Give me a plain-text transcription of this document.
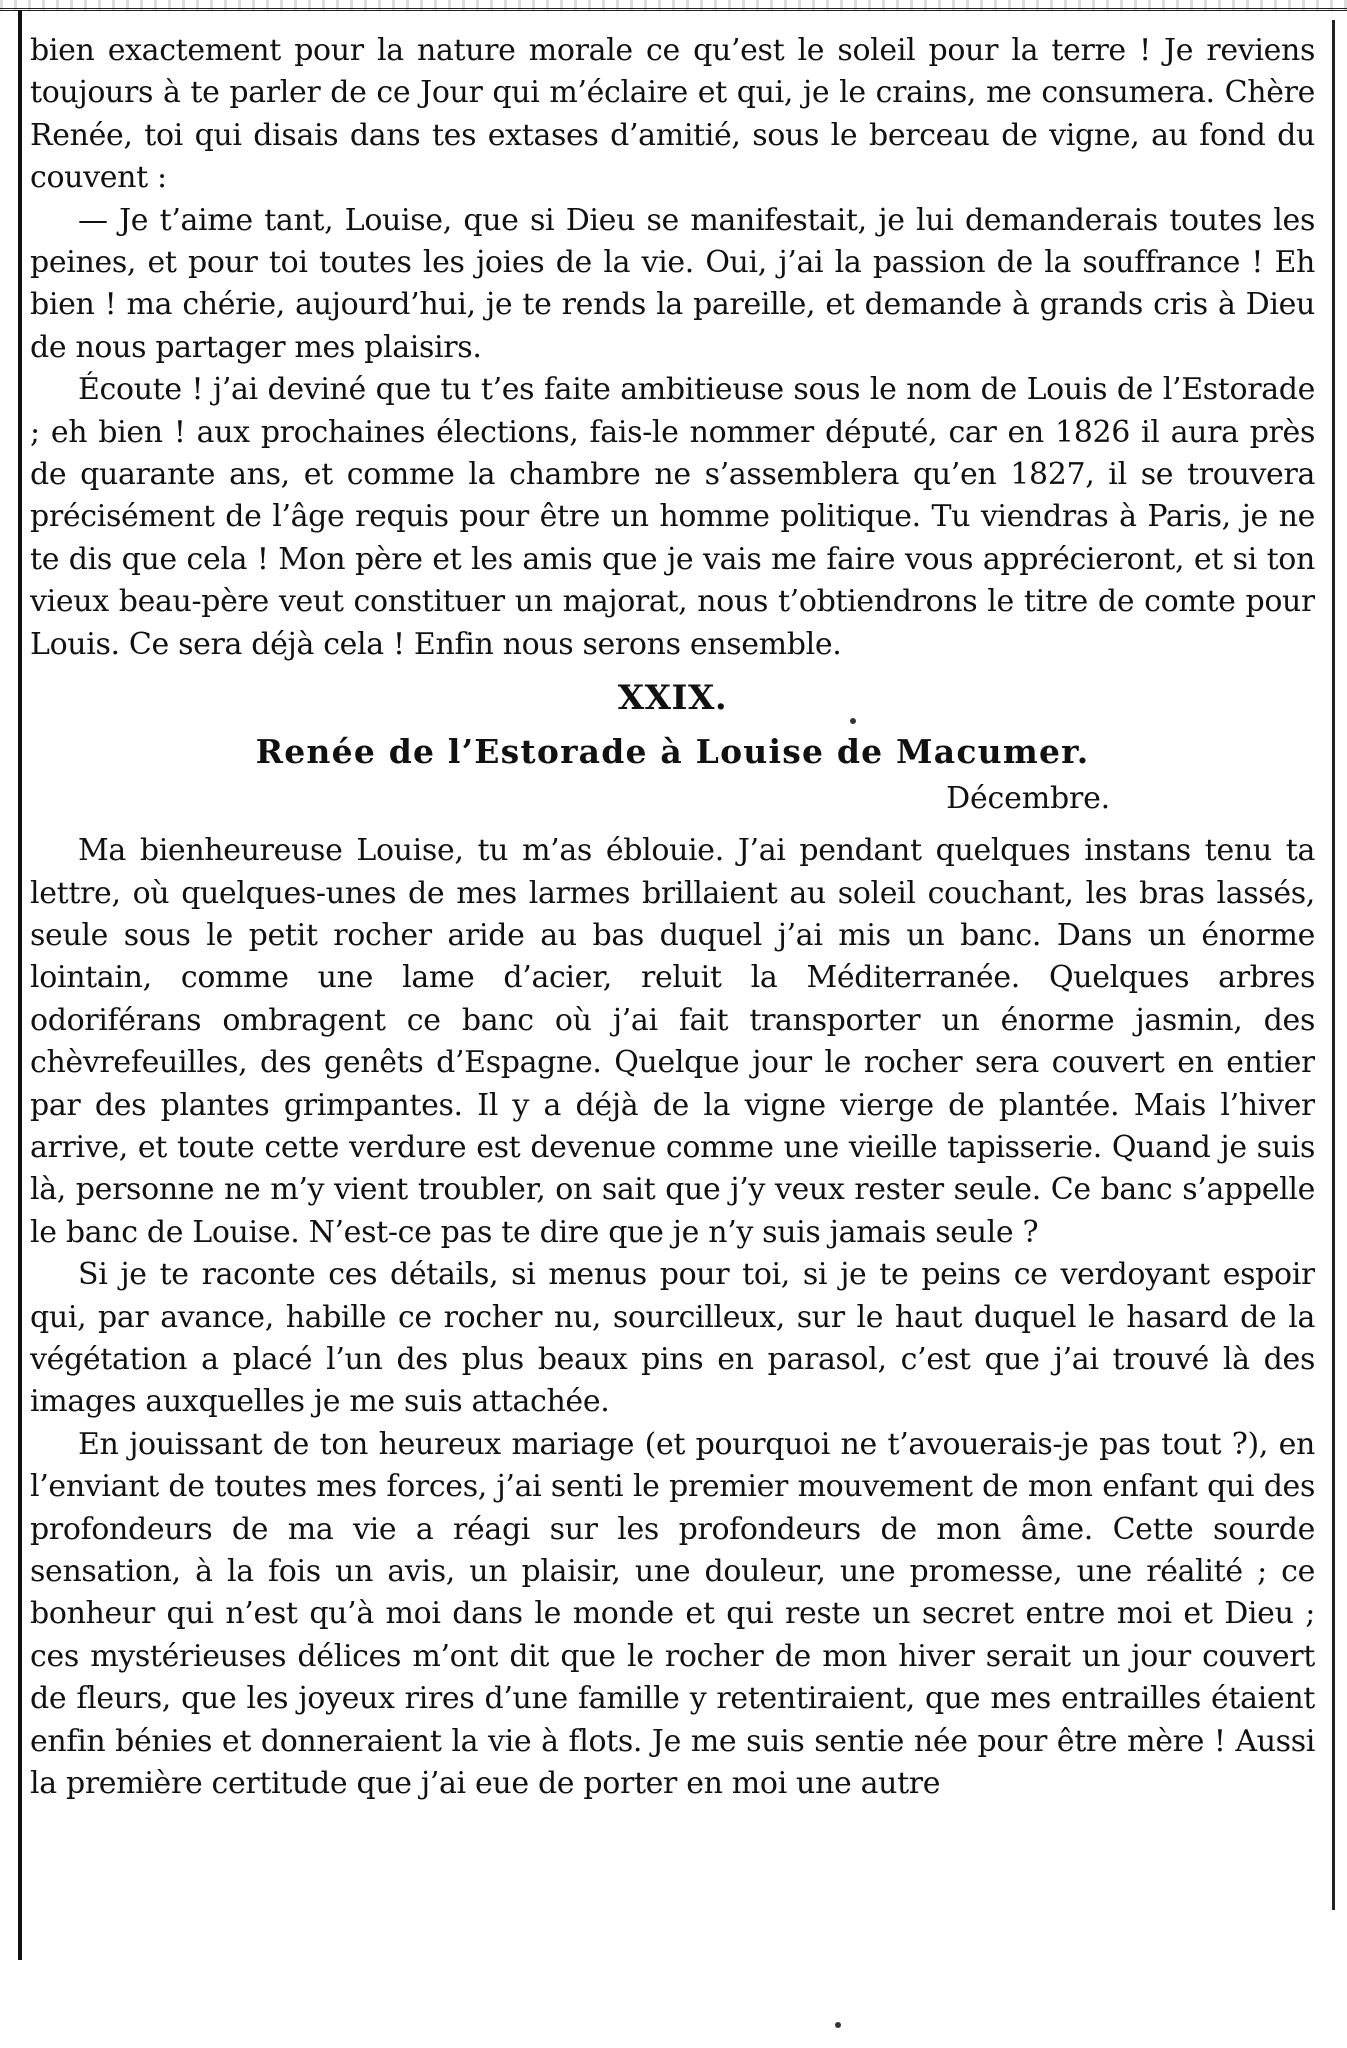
bien exactement pour la nature morale ce qu’est le soleil pour la terre ! Je reviens toujours à te parler de ce Jour qui m’éclaire et qui, je le crains, me consumera. Chère Renée, toi qui disais dans tes extases d’amitié, sous le berceau de vigne, au fond du couvent :

— Je t’aime tant, Louise, que si Dieu se manifestait, je lui demanderais toutes les peines, et pour toi toutes les joies de la vie. Oui, j’ai la passion de la souffrance ! Eh bien ! ma chérie, aujourd’hui, je te rends la pareille, et demande à grands cris à Dieu de nous partager mes plaisirs.

Écoute ! j’ai deviné que tu t’es faite ambitieuse sous le nom de Louis de l’Estorade ; eh bien ! aux prochaines élections, fais-le nommer député, car en 1826 il aura près de quarante ans, et comme la chambre ne s’assemblera qu’en 1827, il se trouvera précisément de l’âge requis pour être un homme politique. Tu viendras à Paris, je ne te dis que cela ! Mon père et les amis que je vais me faire vous apprécieront, et si ton vieux beau-père veut constituer un majorat, nous t’obtiendrons le titre de comte pour Louis. Ce sera déjà cela ! Enfin nous serons ensemble.

XXIX.
Renée de l’Estorade à Louise de Macumer.
Décembre.

Ma bienheureuse Louise, tu m’as éblouie. J’ai pendant quelques instans tenu ta lettre, où quelques-unes de mes larmes brillaient au soleil couchant, les bras lassés, seule sous le petit rocher aride au bas duquel j’ai mis un banc. Dans un énorme lointain, comme une lame d’acier, reluit la Méditerranée. Quelques arbres odoriférans ombragent ce banc où j’ai fait transporter un énorme jasmin, des chèvrefeuilles, des genêts d’Espagne. Quelque jour le rocher sera couvert en entier par des plantes grimpantes. Il y a déjà de la vigne vierge de plantée. Mais l’hiver arrive, et toute cette verdure est devenue comme une vieille tapisserie. Quand je suis là, personne ne m’y vient troubler, on sait que j’y veux rester seule. Ce banc s’appelle le banc de Louise. N’est-ce pas te dire que je n’y suis jamais seule ?

Si je te raconte ces détails, si menus pour toi, si je te peins ce verdoyant espoir qui, par avance, habille ce rocher nu, sourcilleux, sur le haut duquel le hasard de la végétation a placé l’un des plus beaux pins en parasol, c’est que j’ai trouvé là des images auxquelles je me suis attachée.

En jouissant de ton heureux mariage (et pourquoi ne t’avouerais-je pas tout ?), en l’enviant de toutes mes forces, j’ai senti le premier mouvement de mon enfant qui des profondeurs de ma vie a réagi sur les profondeurs de mon âme. Cette sourde sensation, à la fois un avis, un plaisir, une douleur, une promesse, une réalité ; ce bonheur qui n’est qu’à moi dans le monde et qui reste un secret entre moi et Dieu ; ces mystérieuses délices m’ont dit que le rocher de mon hiver serait un jour couvert de fleurs, que les joyeux rires d’une famille y retentiraient, que mes entrailles étaient enfin bénies et donneraient la vie à flots. Je me suis sentie née pour être mère ! Aussi la première certitude que j’ai eue de porter en moi une autre
